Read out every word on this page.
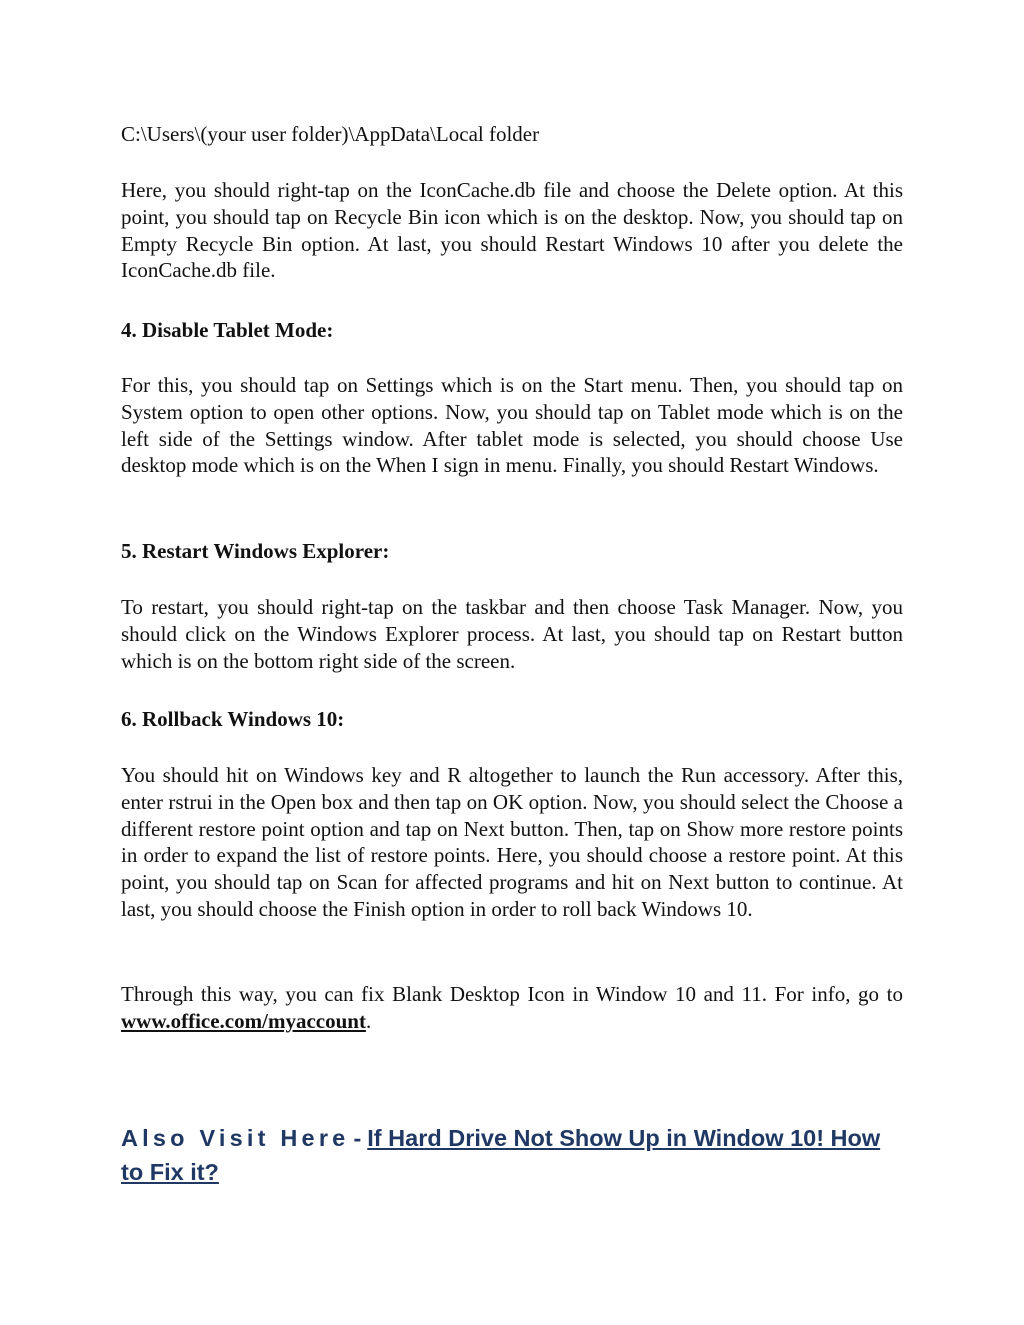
C:\Users\(your user folder)\AppData\Local folder

Here, you should right-tap on the IconCache.db file and choose the Delete option. At this point, you should tap on Recycle Bin icon which is on the desktop. Now, you should tap on Empty Recycle Bin option. At last, you should Restart Windows 10 after you delete the IconCache.db file.

4. Disable Tablet Mode:

For this, you should tap on Settings which is on the Start menu. Then, you should tap on System option to open other options. Now, you should tap on Tablet mode which is on the left side of the Settings window. After tablet mode is selected, you should choose Use desktop mode which is on the When I sign in menu. Finally, you should Restart Windows.

5. Restart Windows Explorer:

To restart, you should right-tap on the taskbar and then choose Task Manager. Now, you should click on the Windows Explorer process. At last, you should tap on Restart button which is on the bottom right side of the screen.

6. Rollback Windows 10:

You should hit on Windows key and R altogether to launch the Run accessory. After this, enter rstrui in the Open box and then tap on OK option. Now, you should select the Choose a different restore point option and tap on Next button. Then, tap on Show more restore points in order to expand the list of restore points. Here, you should choose a restore point. At this point, you should tap on Scan for affected programs and hit on Next button to continue. At last, you should choose the Finish option in order to roll back Windows 10.

Through this way, you can fix Blank Desktop Icon in Window 10 and 11. For info, go to www.office.com/myaccount.

Also Visit Here - If Hard Drive Not Show Up in Window 10! How to Fix it?
